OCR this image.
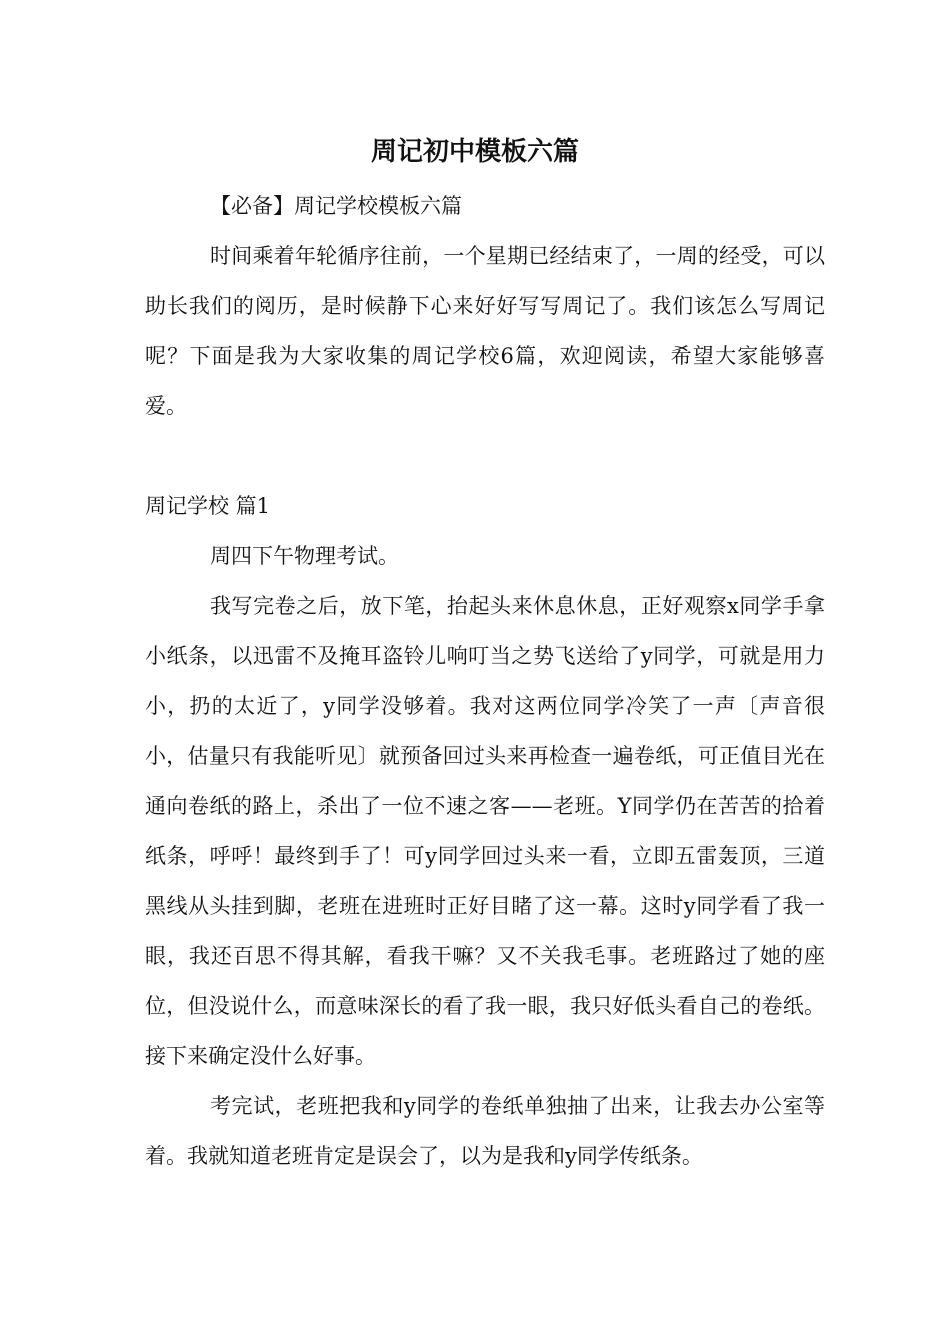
周记初中模板六篇

【必备】周记学校模板六篇

时间乘着年轮循序往前，一个星期已经结束了，一周的经受，可以助长我们的阅历，是时候静下心来好好写写周记了。我们该怎么写周记呢？下面是我为大家收集的周记学校6篇，欢迎阅读，希望大家能够喜爱。

周记学校 篇1

周四下午物理考试。

我写完卷之后，放下笔，抬起头来休息休息，正好观察x同学手拿小纸条，以迅雷不及掩耳盗铃儿响叮当之势飞送给了y同学，可就是用力小，扔的太近了，y同学没够着。我对这两位同学冷笑了一声〔声音很小，估量只有我能听见〕就预备回过头来再检查一遍卷纸，可正值目光在通向卷纸的路上，杀出了一位不速之客——老班。Y同学仍在苦苦的拾着纸条，呼呼！最终到手了！可y同学回过头来一看，立即五雷轰顶，三道黑线从头挂到脚，老班在进班时正好目睹了这一幕。这时y同学看了我一眼，我还百思不得其解，看我干嘛？又不关我毛事。老班路过了她的座位，但没说什么，而意味深长的看了我一眼，我只好低头看自己的卷纸。接下来确定没什么好事。

考完试，老班把我和y同学的卷纸单独抽了出来，让我去办公室等着。我就知道老班肯定是误会了，以为是我和y同学传纸条。
